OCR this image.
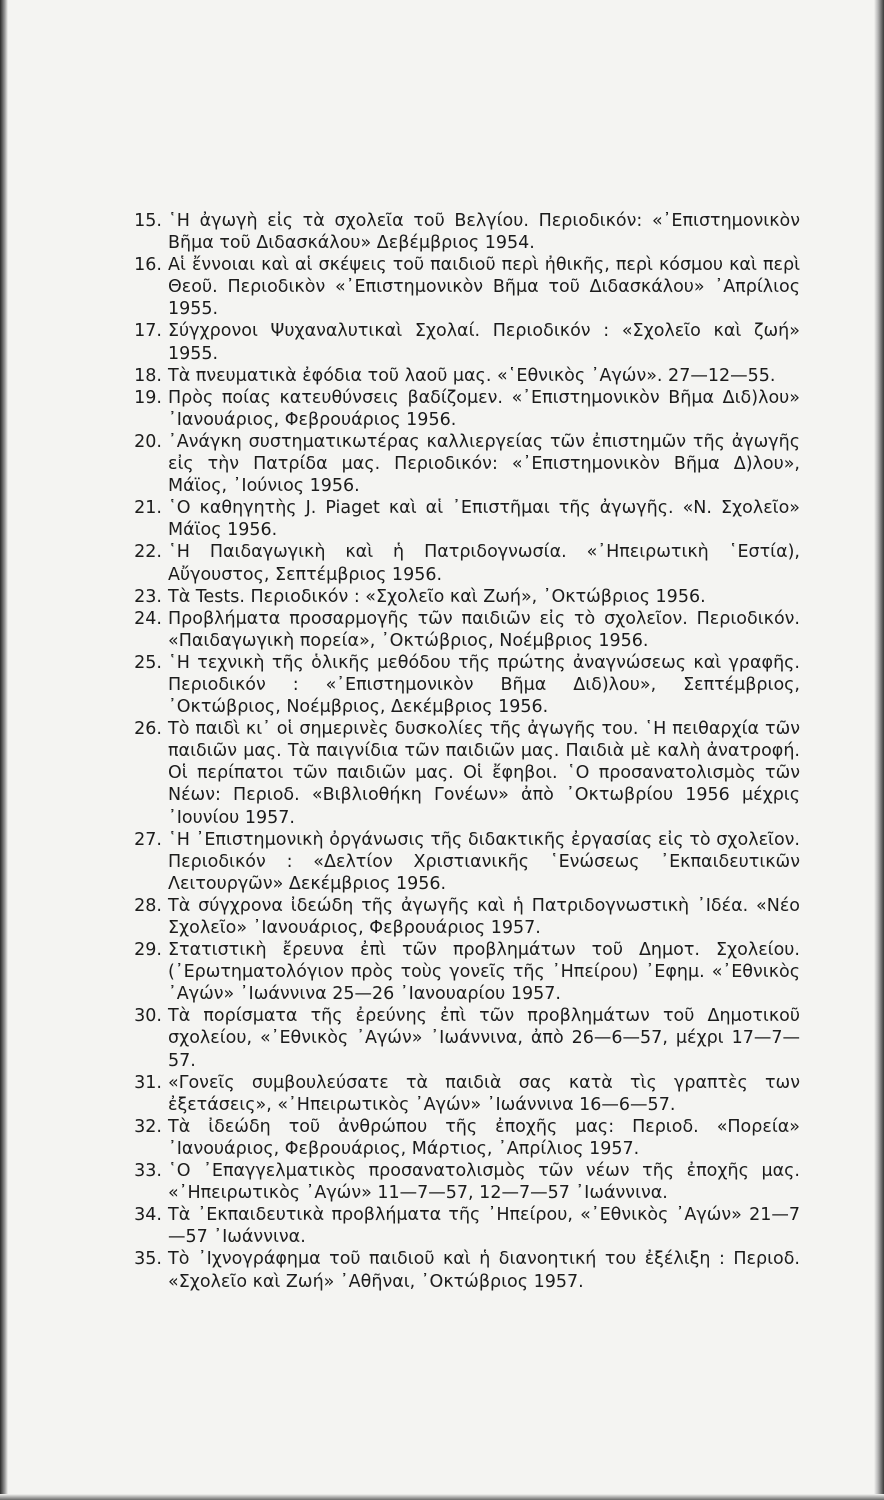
15. ῾Η ἀγωγὴ εἰς τὰ σχολεῖα τοῦ Βελγίου. Περιοδικόν: «᾿Επιστημονικὸν Βῆμα τοῦ Διδασκάλου» Δεβέμβριος 1954.
16. Αἱ ἔννοιαι καὶ αἱ σκέψεις τοῦ παιδιοῦ περὶ ἠθικῆς, περὶ κόσμου καὶ περὶ Θεοῦ. Περιοδικὸν «᾿Επιστημονικὸν Βῆμα τοῦ Διδασκάλου» ᾿Απρίλιος 1955.
17. Σύγχρονοι Ψυχαναλυτικαὶ Σχολαί. Περιοδικόν : «Σχολεῖο καὶ ζωή» 1955.
18. Τὰ πνευματικὰ ἐφόδια τοῦ λαοῦ μας. «῾Εθνικὸς ᾿Αγών». 27—12—55.
19. Πρὸς ποίας κατευθύνσεις βαδίζομεν. «᾿Επιστημονικὸν Βῆμα Διδ)λου» ᾿Ιανουάριος, Φεβρουάριος 1956.
20. ᾿Ανάγκη συστηματικωτέρας καλλιεργείας τῶν ἐπιστημῶν τῆς ἀγωγῆς εἰς τὴν Πατρίδα μας. Περιοδικόν: «᾿Επιστημονικὸν Βῆμα Δ)λου», Μάϊος, ᾿Ιούνιος 1956.
21. ῾Ο καθηγητὴς J. Piaget καὶ αἱ ᾿Επιστῆμαι τῆς ἀγωγῆς. «Ν. Σχολεῖο» Μάϊος 1956.
22. ῾Η Παιδαγωγικὴ καὶ ἡ Πατριδογνωσία. «᾿Ηπειρωτικὴ ῾Εστία), Αὔγουστος, Σεπτέμβριος 1956.
23. Τὰ Tests. Περιοδικόν : «Σχολεῖο καὶ Ζωή», ᾿Οκτώβριος 1956.
24. Προβλήματα προσαρμογῆς τῶν παιδιῶν εἰς τὸ σχολεῖον. Περιοδικόν. «Παιδαγωγικὴ πορεία», ᾿Οκτώβριος, Νοέμβριος 1956.
25. ῾Η τεχνικὴ τῆς ὁλικῆς μεθόδου τῆς πρώτης ἀναγνώσεως καὶ γραφῆς. Περιοδικόν : «᾿Επιστημονικὸν Βῆμα Διδ)λου», Σεπτέμβριος, ᾿Οκτώβριος, Νοέμβριος, Δεκέμβριος 1956.
26. Τὸ παιδὶ κι᾿ οἱ σημερινὲς δυσκολίες τῆς ἀγωγῆς του. ῾Η πειθαρχία τῶν παιδιῶν μας. Τὰ παιγνίδια τῶν παιδιῶν μας. Παιδιὰ μὲ καλὴ ἀνατροφή. Οἱ περίπατοι τῶν παιδιῶν μας. Οἱ ἔφηβοι. ῾Ο προσανατολισμὸς τῶν Νέων: Περιοδ. «Βιβλιοθήκη Γονέων» ἀπὸ ᾿Οκτωβρίου 1956 μέχρις ᾿Ιουνίου 1957.
27. ῾Η ᾿Επιστημονικὴ ὀργάνωσις τῆς διδακτικῆς ἐργασίας εἰς τὸ σχολεῖον. Περιοδικόν : «Δελτίον Χριστιανικῆς ῾Ενώσεως ᾿Εκπαιδευτικῶν Λειτουργῶν» Δεκέμβριος 1956.
28. Τὰ σύγχρονα ἰδεώδη τῆς ἀγωγῆς καὶ ἡ Πατριδογνωστικὴ ᾿Ιδέα. «Νέο Σχολεῖο» ᾿Ιανουάριος, Φεβρουάριος 1957.
29. Στατιστικὴ ἔρευνα ἐπὶ τῶν προβλημάτων τοῦ Δημοτ. Σχολείου. (᾿Ερωτηματολόγιον πρὸς τοὺς γονεῖς τῆς ᾿Ηπείρου) ᾿Εφημ. «᾿Εθνικὸς ᾿Αγών» ᾿Ιωάννινα 25—26 ᾿Ιανουαρίου 1957.
30. Τὰ πορίσματα τῆς ἐρεύνης ἐπὶ τῶν προβλημάτων τοῦ Δημοτικοῦ σχολείου, «᾿Εθνικὸς ᾿Αγών» ᾿Ιωάννινα, ἀπὸ 26—6—57, μέχρι 17—7—57.
31. «Γονεῖς συμβουλεύσατε τὰ παιδιὰ σας κατὰ τὶς γραπτὲς των ἐξετάσεις», «᾿Ηπειρωτικὸς ᾿Αγών» ᾿Ιωάννινα 16—6—57.
32. Τὰ ἰδεώδη τοῦ ἀνθρώπου τῆς ἐποχῆς μας: Περιοδ. «Πορεία» ᾿Ιανουάριος, Φεβρουάριος, Μάρτιος, ᾿Απρίλιος 1957.
33. ῾Ο ᾿Επαγγελματικὸς προσανατολισμὸς τῶν νέων τῆς ἐποχῆς μας. «᾿Ηπειρωτικὸς ᾿Αγών» 11—7—57, 12—7—57 ᾿Ιωάννινα.
34. Τὰ ᾿Εκπαιδευτικὰ προβλήματα τῆς ᾿Ηπείρου, «᾿Εθνικὸς ᾿Αγών» 21—7—57 ᾿Ιωάννινα.
35. Τὸ ᾿Ιχνογράφημα τοῦ παιδιοῦ καὶ ἡ διανοητική του ἐξέλιξη : Περιοδ. «Σχολεῖο καὶ Ζωή» ᾿Αθῆναι, ᾿Οκτώβριος 1957.
